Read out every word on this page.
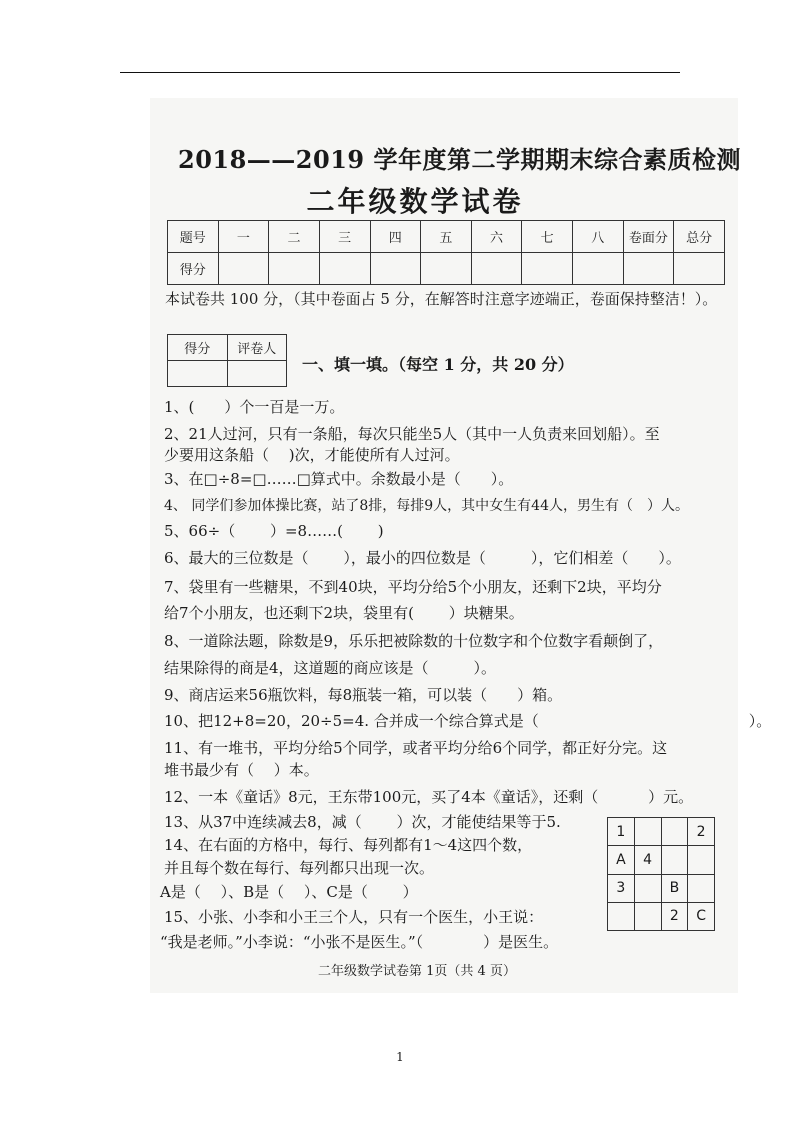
2018——2019 学年度第二学期期末综合素质检测
二年级数学试卷
题号	一	二	三	四	五	六	七	八	卷面分	总分
得分										
本试卷共 100 分，（其中卷面占 5 分，在解答时注意字迹端正，卷面保持整洁！）。
得分	评卷人

一、填一填。（每空 1 分，共 20 分）
1、(　　）个一百是一万。
2、21人过河，只有一条船，每次只能坐5人（其中一人负责来回划船）。至
少要用这条船（　 )次，才能使所有人过河。
3、在□÷8=□……□算式中。余数最小是（　　）。
4、 同学们参加体操比赛，站了8排，每排9人，其中女生有44人，男生有（　）人。
5、66÷（　　 ）=8……(　　 )
6、最大的三位数是（　　 ），最小的四位数是（　　　），它们相差（　　）。
7、袋里有一些糖果，不到40块，平均分给5个小朋友，还剩下2块，平均分
给7个小朋友，也还剩下2块，袋里有(　　 ）块糖果。
8、一道除法题，除数是9，乐乐把被除数的十位数字和个位数字看颠倒了，
结果除得的商是4，这道题的商应该是（　　　）。
9、商店运来56瓶饮料，每8瓶装一箱，可以装（　　）箱。
10、把12+8=20，20÷5=4. 合并成一个综合算式是（　　　　　　　　　　　　　　）。
11、有一堆书，平均分给5个同学，或者平均分给6个同学，都正好分完。这
堆书最少有（　 ）本。
12、一本《童话》8元，王东带100元，买了4本《童话》，还剩（　　　 ）元。
13、从37中连续减去8，减（　　 ）次，才能使结果等于5.
14、在右面的方格中，每行、每列都有1～4这四个数，
并且每个数在每行、每列都只出现一次。
A是（　 ）、B是（　 ）、C是（　　 ）
15、小张、小李和小王三个人，只有一个医生，小王说：
“我是老师。”小李说：“小张不是医生。”（　　　　）是医生。
1			2
A	4		
3		B	
		2	C
二年级数学试卷第 1页（共 4 页）
1
